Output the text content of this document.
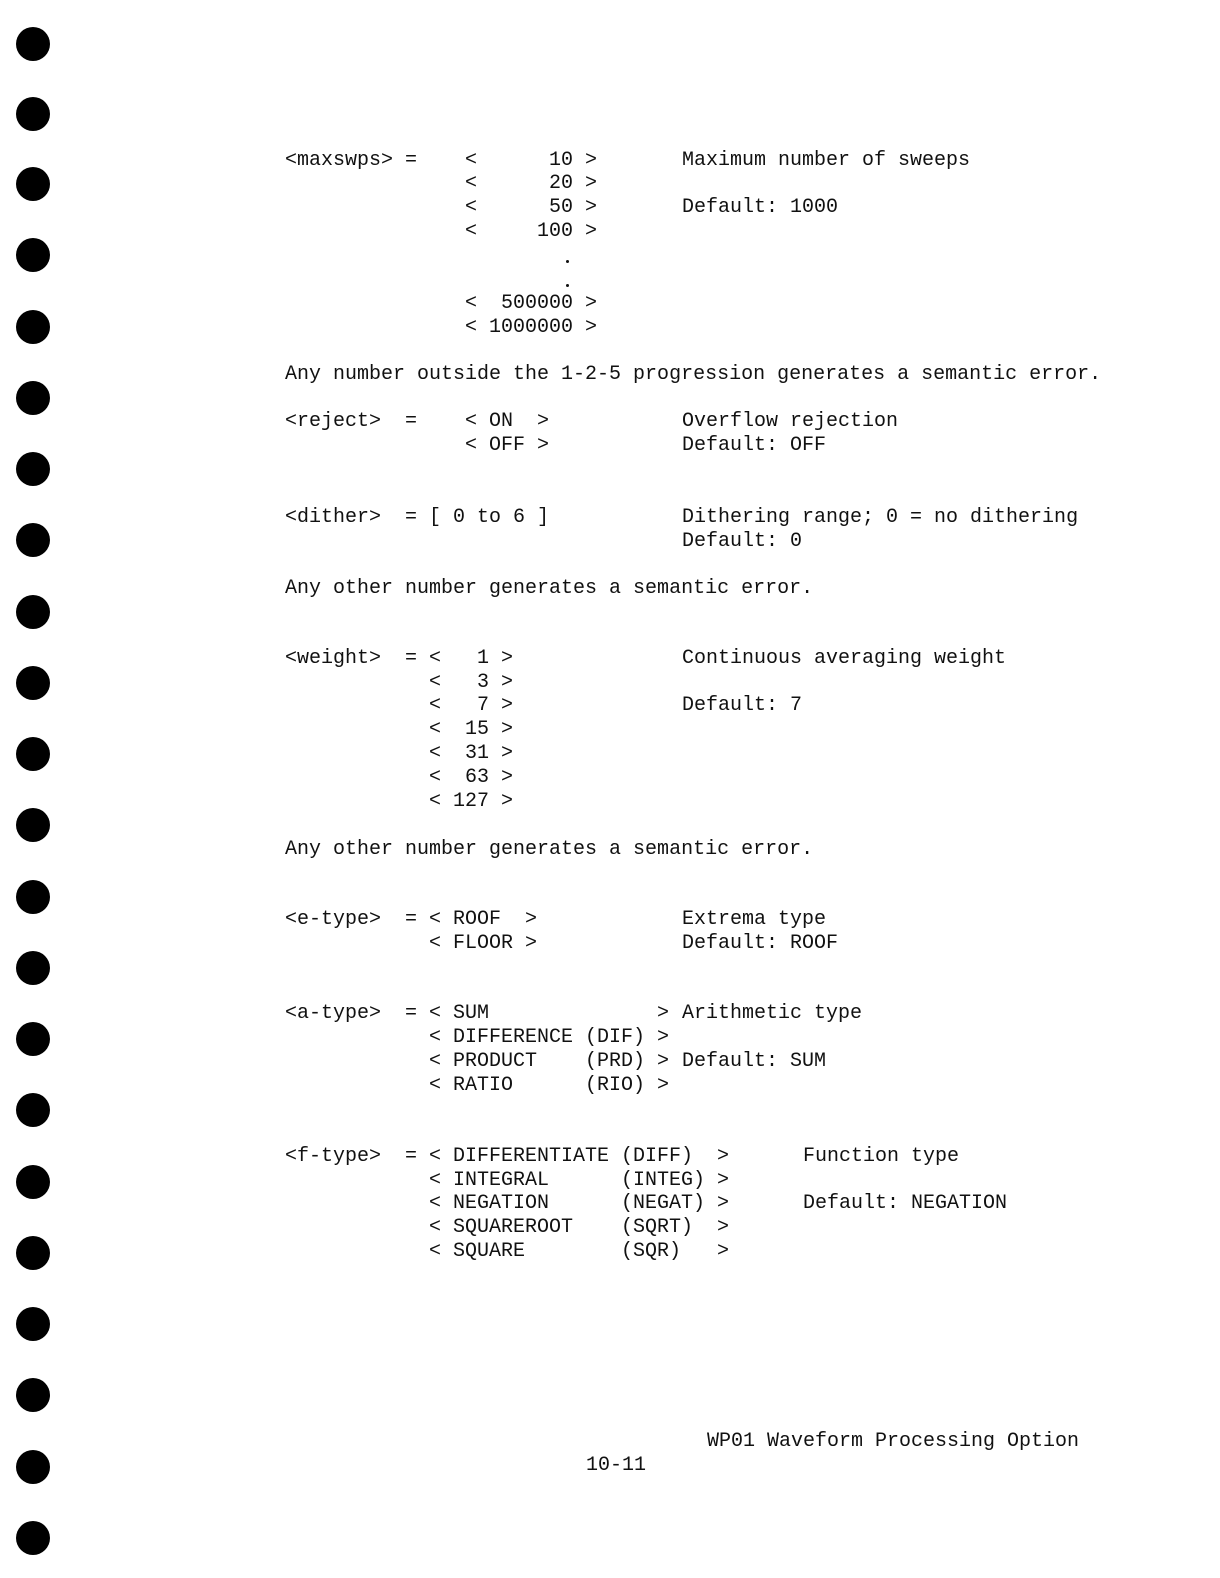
<maxswps> = <      10 >
<      20 >
<      50 >
<     100 >
<  500000 >
< 1000000 >
Maximum number of sweeps
Default: 1000
Any number outside the 1-2-5 progression generates a semantic error.
<reject> = < ON  >
< OFF >
Overflow rejection
Default: OFF
<dither> = [ 0 to 6 ]	Dithering range; 0 = no dithering
Default: 0
Any other number generates a semantic error.
<weight> = <   1 >
<   3 >
<   7 >
<  15 >
<  31 >
<  63 >
< 127 >
Continuous averaging weight
Default: 7
Any other number generates a semantic error.
<e-type> = < ROOF  >
< FLOOR >
Extrema type
Default: ROOF
<a-type> = < SUM              >
< DIFFERENCE (DIF) >
< PRODUCT    (PRD) >
< RATIO      (RIO) >
Arithmetic type
Default: SUM
<f-type> = < DIFFERENTIATE (DIFF)  >
< INTEGRAL      (INTEG) >
< NEGATION      (NEGAT) >
< SQUAREROOT    (SQRT)  >
< SQUARE        (SQR)   >
Function type
Default: NEGATION
WP01 Waveform Processing Option
10-11
